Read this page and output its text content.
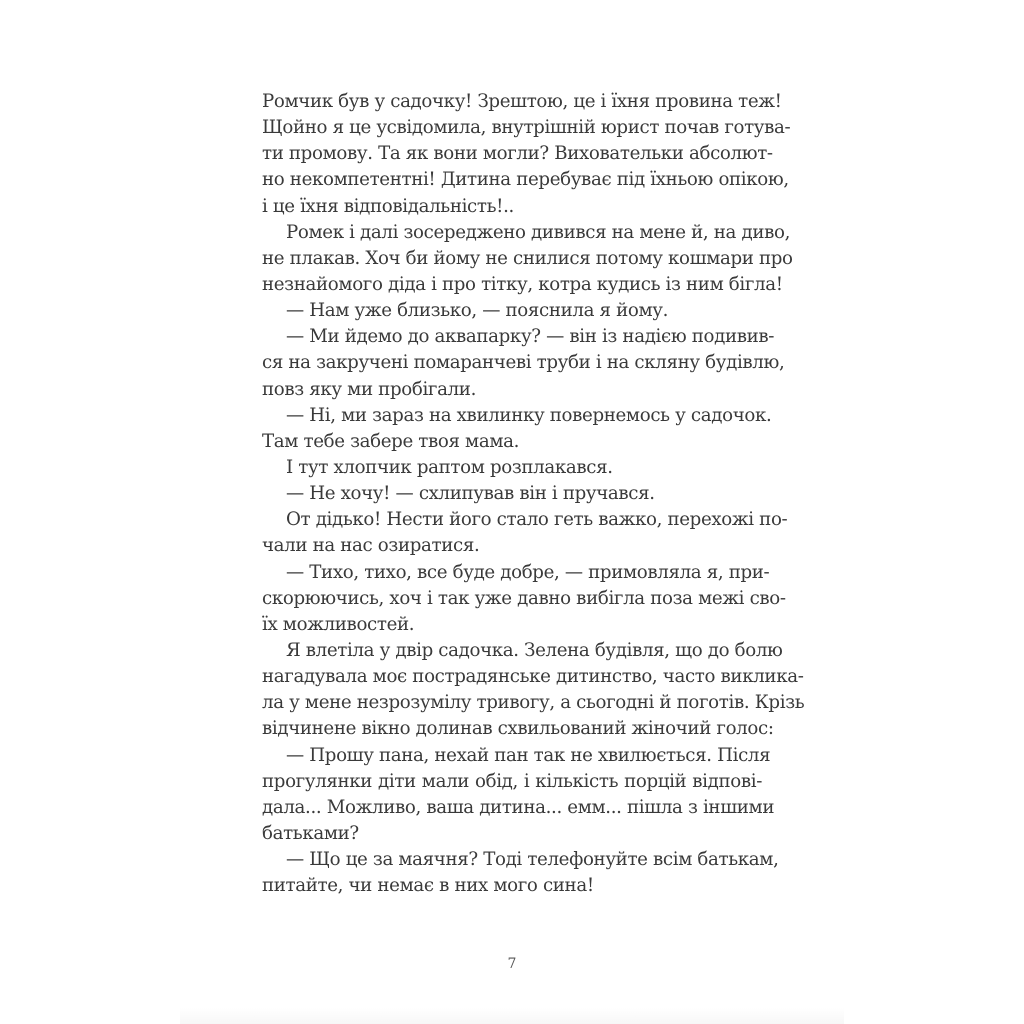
Ромчик був у садочку! Зрештою, це і їхня провина теж!
Щойно я це усвідомила, внутрішній юрист почав готува-
ти промову. Та як вони могли? Виховательки абсолют-
но некомпетентні! Дитина перебуває під їхньою опікою,
і це їхня відповідальність!..
Ромек і далі зосереджено дивився на мене й, на диво,
не плакав. Хоч би йому не снилися потому кошмари про
незнайомого діда і про тітку, котра кудись із ним бігла!
— Нам уже близько, — пояснила я йому.
— Ми йдемо до аквапарку? — він із надією подивив-
ся на закручені помаранчеві труби і на скляну будівлю,
повз яку ми пробігали.
— Ні, ми зараз на хвилинку повернемось у садочок.
Там тебе забере твоя мама.
І тут хлопчик раптом розплакався.
— Не хочу! — схлипував він і пручався.
От дідько! Нести його стало геть важко, перехожі по-
чали на нас озиратися.
— Тихо, тихо, все буде добре, — примовляла я, при-
скорюючись, хоч і так уже давно вибігла поза межі сво-
їх можливостей.
Я влетіла у двір садочка. Зелена будівля, що до болю
нагадувала моє пострадянське дитинство, часто виклика-
ла у мене незрозумілу тривогу, а сьогодні й поготів. Крізь
відчинене вікно долинав схвильований жіночий голос:
— Прошу пана, нехай пан так не хвилюється. Після
прогулянки діти мали обід, і кількість порцій відпові-
дала... Можливо, ваша дитина... емм... пішла з іншими
батьками?
— Що це за маячня? Тоді телефонуйте всім батькам,
питайте, чи немає в них мого сина!
7
